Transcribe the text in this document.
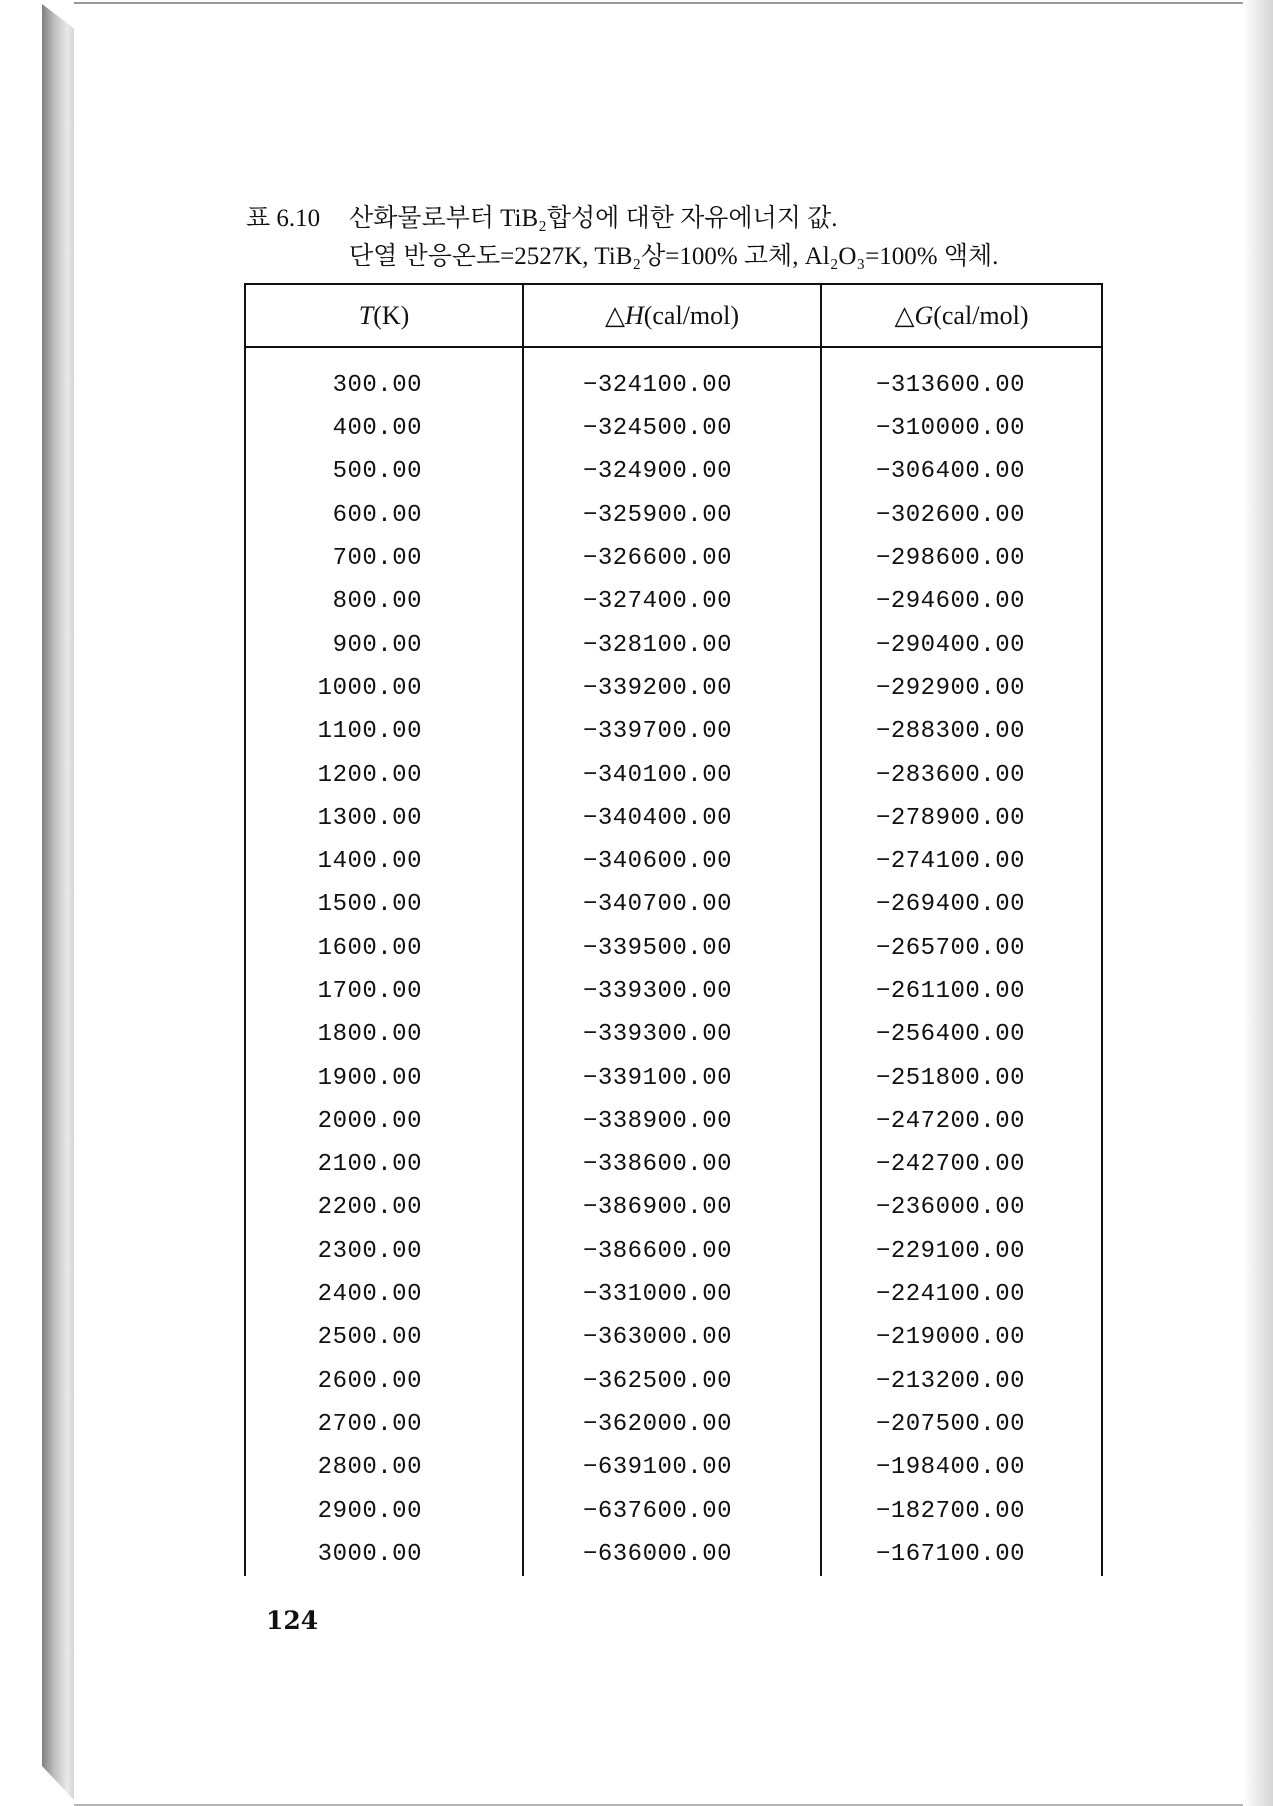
표 6.10 산화물로부터 TiB₂합성에 대한 자유에너지 값.
단열 반응온도=2527K, TiB₂상=100% 고체, Al₂O₃=100% 액체.
T(K)	△H(cal/mol)	△G(cal/mol)
300.00	−324100.00	−313600.00
400.00	−324500.00	−310000.00
500.00	−324900.00	−306400.00
600.00	−325900.00	−302600.00
700.00	−326600.00	−298600.00
800.00	−327400.00	−294600.00
900.00	−328100.00	−290400.00
1000.00	−339200.00	−292900.00
1100.00	−339700.00	−288300.00
1200.00	−340100.00	−283600.00
1300.00	−340400.00	−278900.00
1400.00	−340600.00	−274100.00
1500.00	−340700.00	−269400.00
1600.00	−339500.00	−265700.00
1700.00	−339300.00	−261100.00
1800.00	−339300.00	−256400.00
1900.00	−339100.00	−251800.00
2000.00	−338900.00	−247200.00
2100.00	−338600.00	−242700.00
2200.00	−386900.00	−236000.00
2300.00	−386600.00	−229100.00
2400.00	−331000.00	−224100.00
2500.00	−363000.00	−219000.00
2600.00	−362500.00	−213200.00
2700.00	−362000.00	−207500.00
2800.00	−639100.00	−198400.00
2900.00	−637600.00	−182700.00
3000.00	−636000.00	−167100.00
124
